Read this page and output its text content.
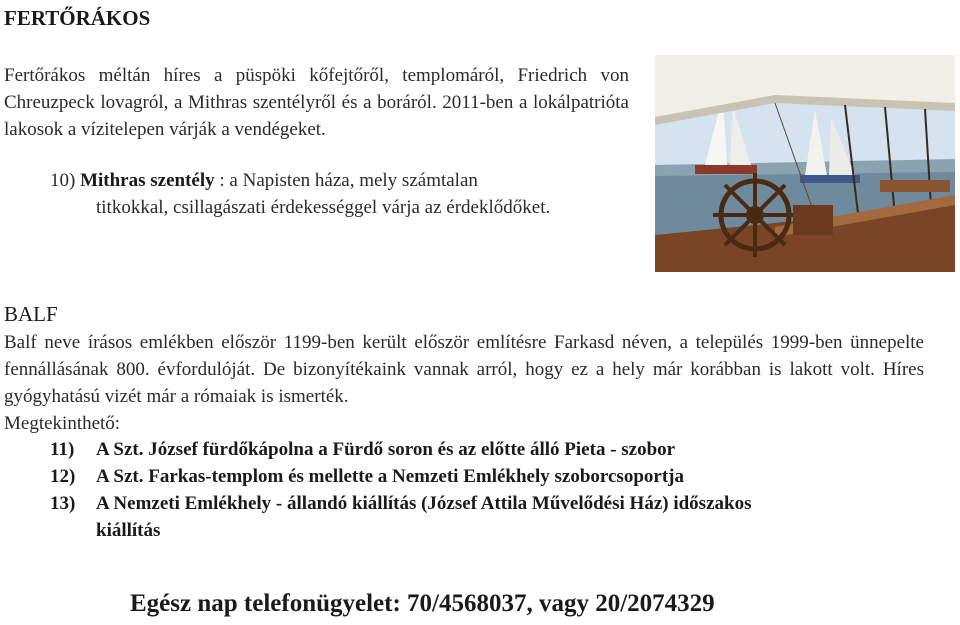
FERTŐRÁKOS

Fertőrákos méltán híres a püspöki kőfejtőről, templomáról, Friedrich von Chreuzpeck lovagról, a Mithras szentélyről és a boráról. 2011-ben a lokálpatrióta lakosok a vízitelepen várják a vendégeket.

10) Mithras szentély : a Napisten háza, mely számtalan
titkokkal, csillagászati érdekességgel várja az érdeklődőket.

BALF

Balf neve írásos emlékben először 1199-ben került először említésre Farkasd néven, a település 1999-ben ünnepelte fennállásának 800. évfordulóját. De bizonyítékaink vannak arról, hogy ez a hely már korábban is lakott volt. Híres gyógyhatású vizét már a rómaiak is ismerték.

Megtekinthető:

11) A Szt. József fürdőkápolna a Fürdő soron és az előtte álló Pieta - szobor

12) A Szt. Farkas-templom és mellette a Nemzeti Emlékhely szoborcsoportja

13) A Nemzeti Emlékhely - állandó kiállítás (József Attila Művelődési Ház) időszakos
kiállítás

Egész nap telefonügyelet: 70/4568037, vagy 20/2074329
